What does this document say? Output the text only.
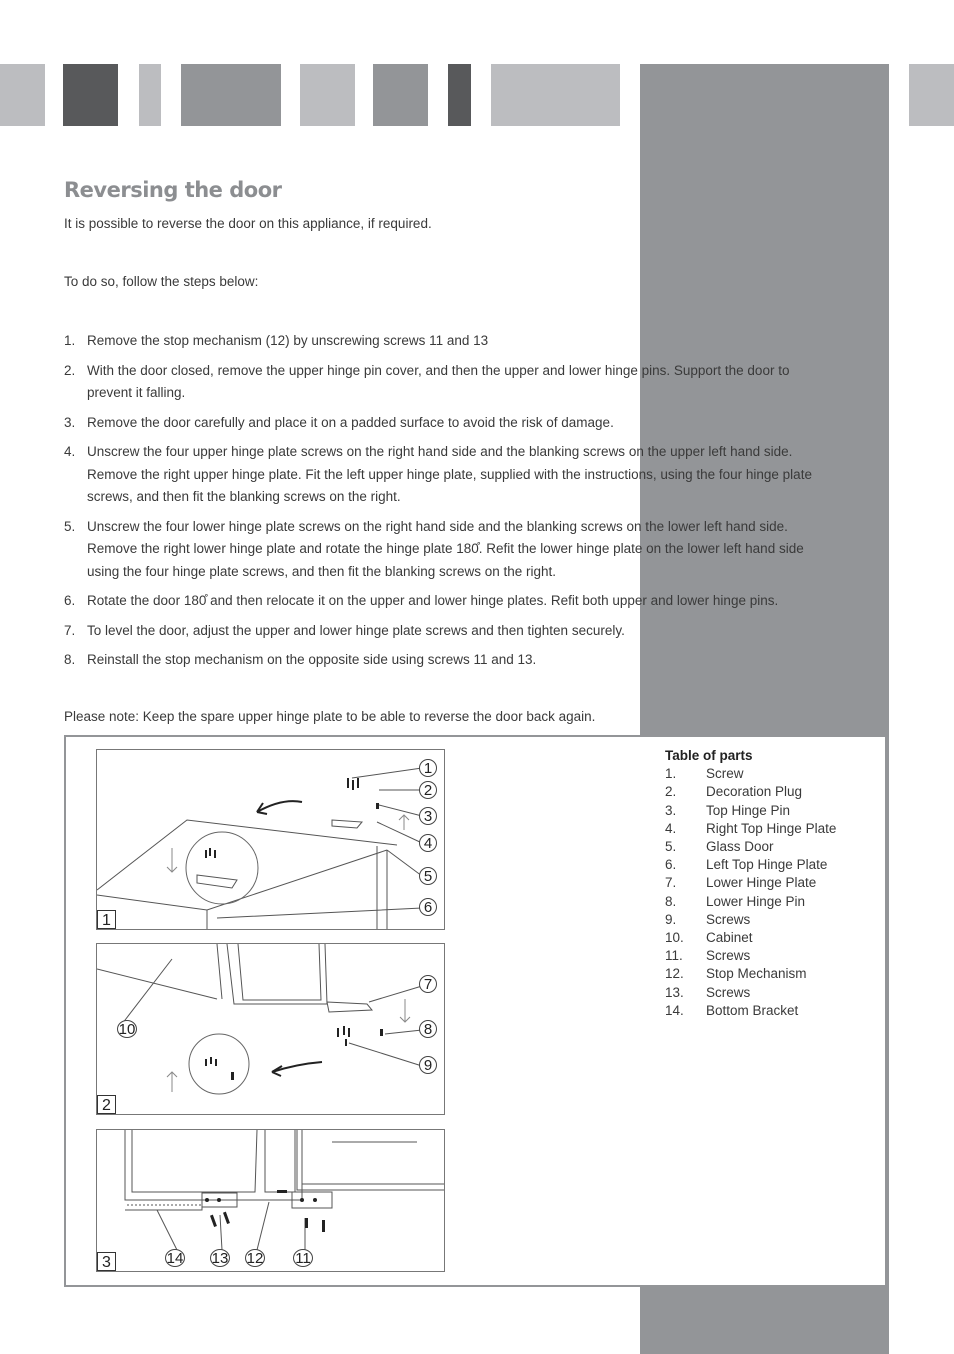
Reversing the door
It is possible to reverse the door on this appliance, if required.
To do so, follow the steps below:
1. Remove the stop mechanism (12) by unscrewing screws 11 and 13
2. With the door closed, remove the upper hinge pin cover, and then the upper and lower hinge pins. Support the door to prevent it falling.
3. Remove the door carefully and place it on a padded surface to avoid the risk of damage.
4. Unscrew the four upper hinge plate screws on the right hand side and the blanking screws on the upper left hand side. Remove the right upper hinge plate. Fit the left upper hinge plate, supplied with the instructions, using the four hinge plate screws, and then fit the blanking screws on the right.
5. Unscrew the four lower hinge plate screws on the right hand side and the blanking screws on the lower left hand side. Remove the right lower hinge plate and rotate the hinge plate 180̊. Refit the lower hinge plate on the lower left hand side using the four hinge plate screws, and then fit the blanking screws on the right.
6. Rotate the door 180̊ and then relocate it on the upper and lower hinge plates. Refit both upper and lower hinge pins.
7. To level the door, adjust the upper and lower hinge plate screws and then tighten securely.
8. Reinstall the stop mechanism on the opposite side using screws 11 and 13.
Please note: Keep the spare upper hinge plate to be able to reverse the door back again.
1
2
3
4
5
6
1
10
7
8
9
2
14 13 12 11
3
Table of parts
1. Screw
2. Decoration Plug
3. Top Hinge Pin
4. Right Top Hinge Plate
5. Glass Door
6. Left Top Hinge Plate
7. Lower Hinge Plate
8. Lower Hinge Pin
9. Screws
10. Cabinet
11. Screws
12. Stop Mechanism
13. Screws
14. Bottom Bracket
